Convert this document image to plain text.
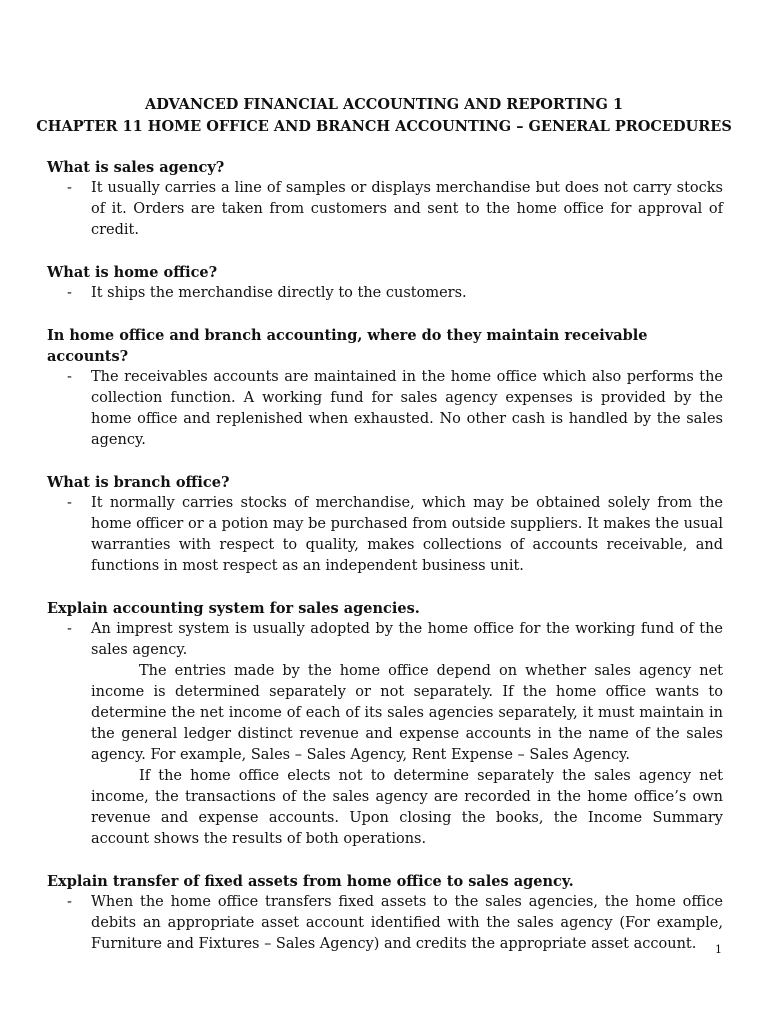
ADVANCED FINANCIAL ACCOUNTING AND REPORTING 1
CHAPTER 11 HOME OFFICE AND BRANCH ACCOUNTING – GENERAL PROCEDURES

What is sales agency?

- It usually carries a line of samples or displays merchandise but does not carry stocks of it. Orders are taken from customers and sent to the home office for approval of credit.

What is home office?

- It ships the merchandise directly to the customers.

In home office and branch accounting, where do they maintain receivable accounts?

- The receivables accounts are maintained in the home office which also performs the collection function. A working fund for sales agency expenses is provided by the home office and replenished when exhausted. No other cash is handled by the sales agency.

What is branch office?

- It normally carries stocks of merchandise, which may be obtained solely from the home officer or a potion may be purchased from outside suppliers. It makes the usual warranties with respect to quality, makes collections of accounts receivable, and functions in most respect as an independent business unit.

Explain accounting system for sales agencies.

- An imprest system is usually adopted by the home office for the working fund of the sales agency.

The entries made by the home office depend on whether sales agency net income is determined separately or not separately. If the home office wants to determine the net income of each of its sales agencies separately, it must maintain in the general ledger distinct revenue and expense accounts in the name of the sales agency. For example, Sales – Sales Agency, Rent Expense – Sales Agency.

If the home office elects not to determine separately the sales agency net income, the transactions of the sales agency are recorded in the home office’s own revenue and expense accounts. Upon closing the books, the Income Summary account shows the results of both operations.

Explain transfer of fixed assets from home office to sales agency.

- When the home office transfers fixed assets to the sales agencies, the home office debits an appropriate asset account identified with the sales agency (For example, Furniture and Fixtures – Sales Agency) and credits the appropriate asset account.	1
